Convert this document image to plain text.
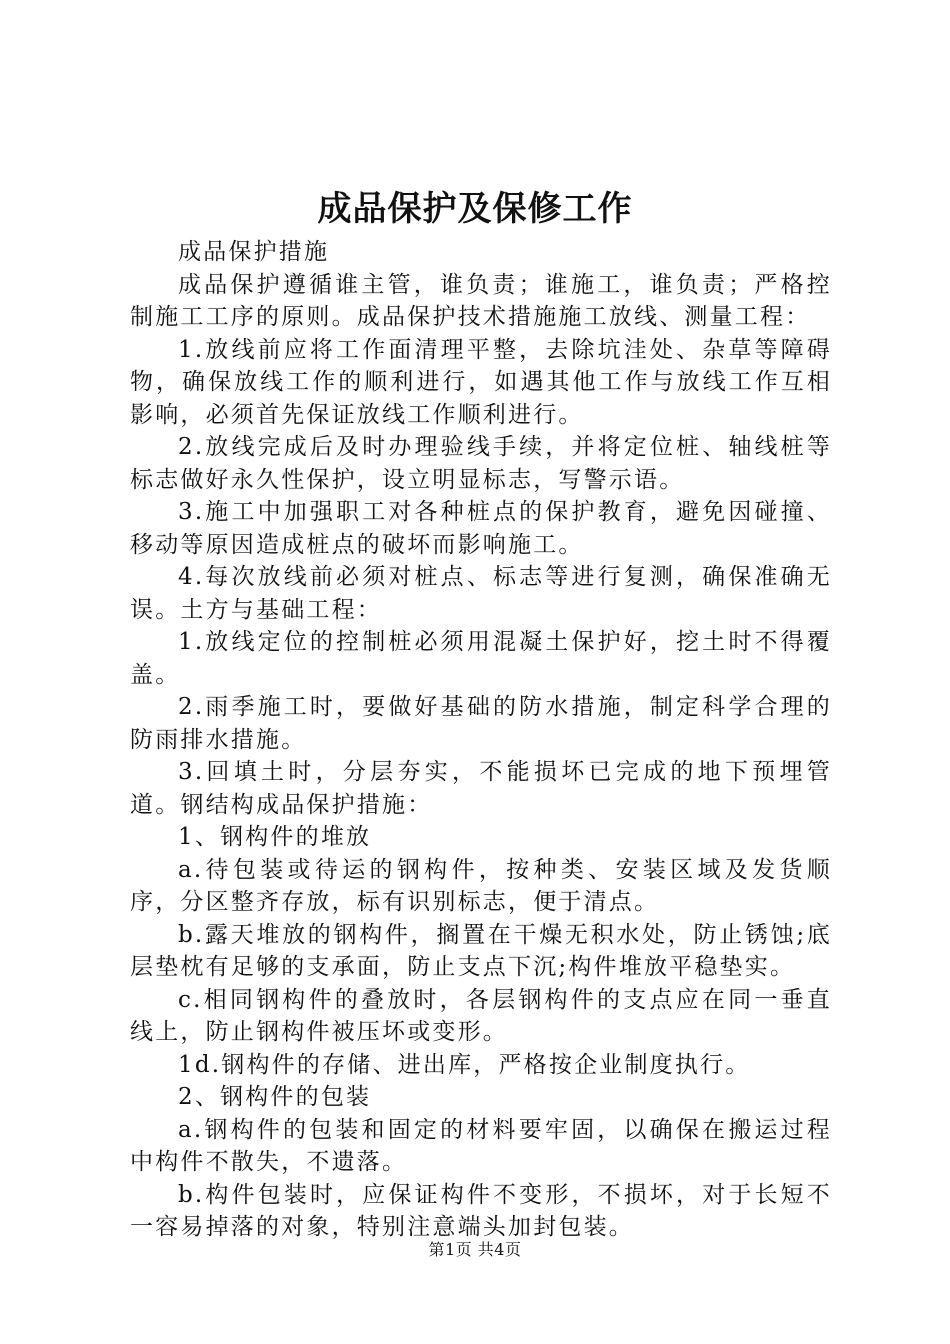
成品保护及保修工作

成品保护措施

成品保护遵循谁主管，谁负责；谁施工，谁负责；严格控制施工工序的原则。成品保护技术措施施工放线、测量工程：

1.放线前应将工作面清理平整，去除坑洼处、杂草等障碍物，确保放线工作的顺利进行，如遇其他工作与放线工作互相影响，必须首先保证放线工作顺利进行。

2.放线完成后及时办理验线手续，并将定位桩、轴线桩等标志做好永久性保护，设立明显标志，写警示语。

3.施工中加强职工对各种桩点的保护教育，避免因碰撞、移动等原因造成桩点的破坏而影响施工。

4.每次放线前必须对桩点、标志等进行复测，确保准确无误。土方与基础工程：

1.放线定位的控制桩必须用混凝土保护好，挖土时不得覆盖。

2.雨季施工时，要做好基础的防水措施，制定科学合理的防雨排水措施。

3.回填土时，分层夯实，不能损坏已完成的地下预埋管道。钢结构成品保护措施：

1、钢构件的堆放

a.待包装或待运的钢构件，按种类、安装区域及发货顺序，分区整齐存放，标有识别标志，便于清点。

b.露天堆放的钢构件，搁置在干燥无积水处，防止锈蚀;底层垫枕有足够的支承面，防止支点下沉;构件堆放平稳垫实。

c.相同钢构件的叠放时，各层钢构件的支点应在同一垂直线上，防止钢构件被压坏或变形。

1d.钢构件的存储、进出库，严格按企业制度执行。

2、钢构件的包装

a.钢构件的包装和固定的材料要牢固，以确保在搬运过程中构件不散失，不遗落。

b.构件包装时，应保证构件不变形，不损坏，对于长短不一容易掉落的对象，特别注意端头加封包装。

第1页 共4页
